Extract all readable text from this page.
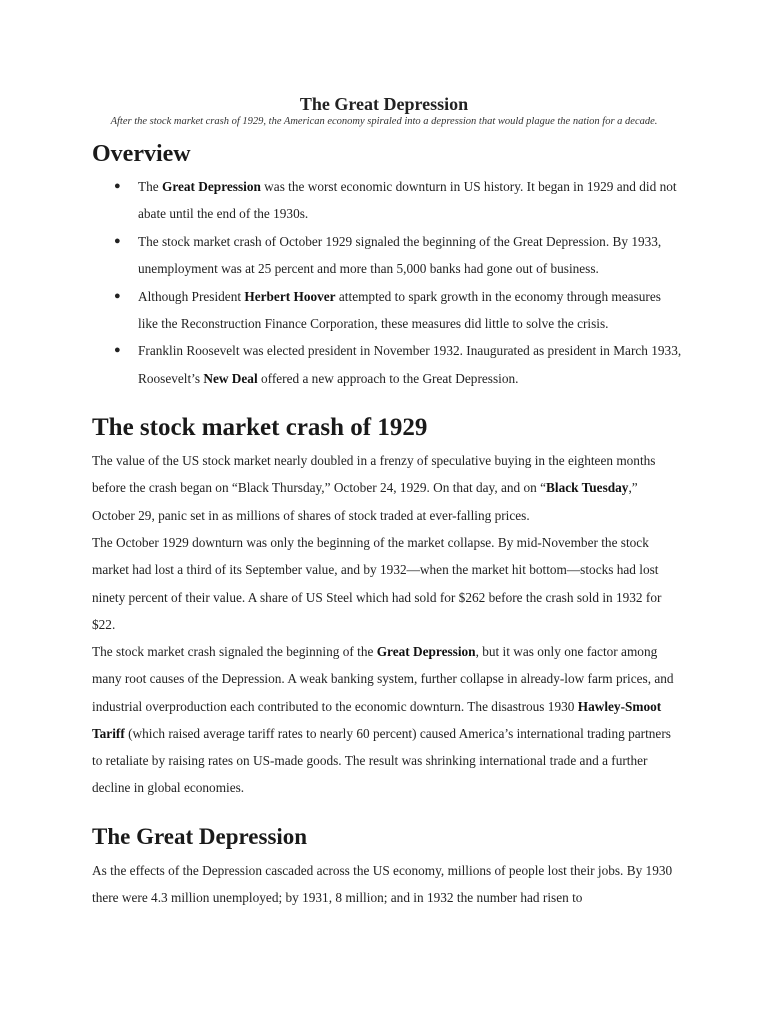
The Great Depression
After the stock market crash of 1929, the American economy spiraled into a depression that would plague the nation for a decade.
Overview
● The Great Depression was the worst economic downturn in US history. It began in 1929 and did not abate until the end of the 1930s.
● The stock market crash of October 1929 signaled the beginning of the Great Depression. By 1933, unemployment was at 25 percent and more than 5,000 banks had gone out of business.
● Although President Herbert Hoover attempted to spark growth in the economy through measures like the Reconstruction Finance Corporation, these measures did little to solve the crisis.
● Franklin Roosevelt was elected president in November 1932. Inaugurated as president in March 1933, Roosevelt’s New Deal offered a new approach to the Great Depression.
The stock market crash of 1929

The value of the US stock market nearly doubled in a frenzy of speculative buying in the eighteen months before the crash began on “Black Thursday,” October 24, 1929. On that day, and on “Black Tuesday,” October 29, panic set in as millions of shares of stock traded at ever-falling prices.

The October 1929 downturn was only the beginning of the market collapse. By mid-November the stock market had lost a third of its September value, and by 1932—when the market hit bottom—stocks had lost ninety percent of their value. A share of US Steel which had sold for $262 before the crash sold in 1932 for $22.

The stock market crash signaled the beginning of the Great Depression, but it was only one factor among many root causes of the Depression. A weak banking system, further collapse in already-low farm prices, and industrial overproduction each contributed to the economic downturn. The disastrous 1930 Hawley-Smoot Tariff (which raised average tariff rates to nearly 60 percent) caused America’s international trading partners to retaliate by raising rates on US-made goods. The result was shrinking international trade and a further decline in global economies.

The Great Depression

As the effects of the Depression cascaded across the US economy, millions of people lost their jobs. By 1930 there were 4.3 million unemployed; by 1931, 8 million; and in 1932 the number had risen to
